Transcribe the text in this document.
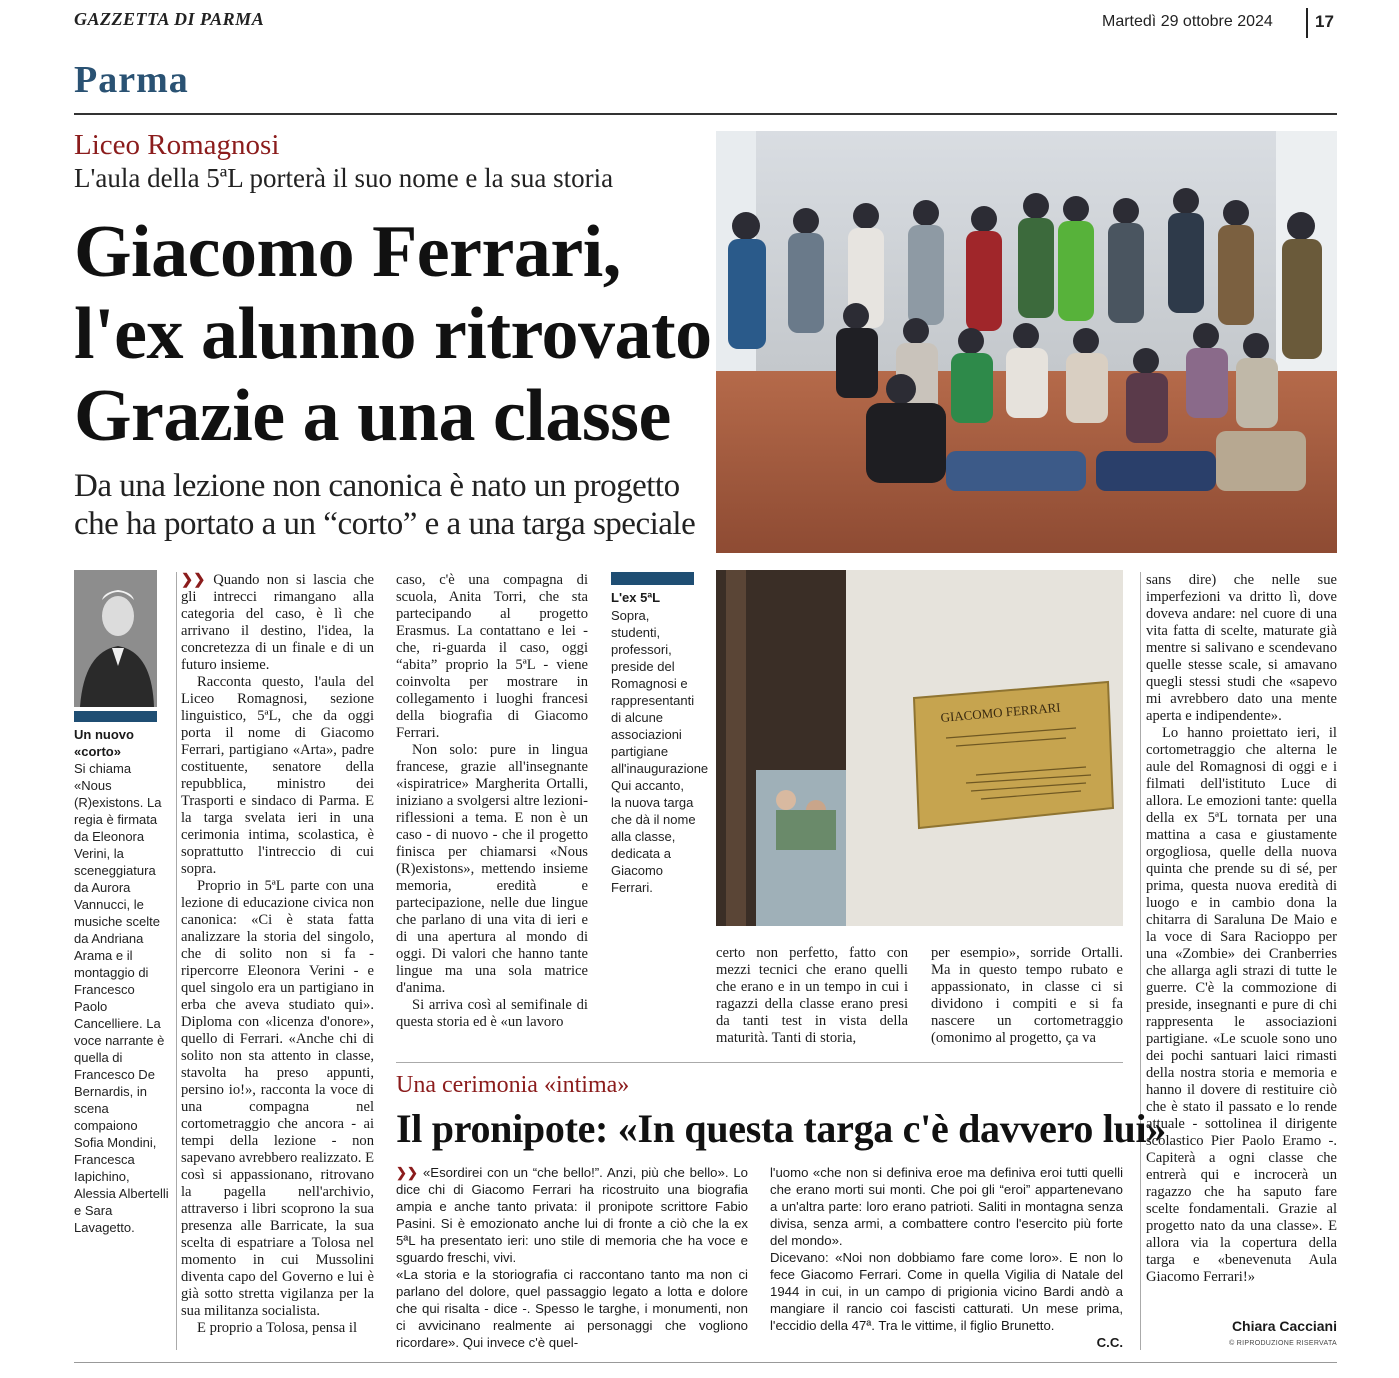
GAZZETTA DI PARMA	Martedì 29 ottobre 2024 17
Parma
Liceo Romagnosi
L'aula della 5ªL porterà il suo nome e la sua storia
Giacomo Ferrari,
l'ex alunno ritrovato
Grazie a una classe
Da una lezione non canonica è nato un progetto
che ha portato a un “corto” e a una targa speciale
Un nuovo «corto»
Si chiama «Nous (R)existons. La regia è firmata da Eleonora Verini, la sceneggiatura da Aurora Vannucci, le musiche scelte da Andriana Arama e il montaggio di Francesco Paolo Cancelliere. La voce narrante è quella di Francesco De Bernardis, in scena compaiono Sofia Mondini, Francesca Iapichino, Alessia Albertelli e Sara Lavagetto.

❯❯ Quando non si lascia che gli intrecci rimangano alla categoria del caso, è lì che arrivano il destino, l'idea, la concretezza di un finale e di un futuro insieme.

Racconta questo, l'aula del Liceo Romagnosi, sezione linguistico, 5ªL, che da oggi porta il nome di Giacomo Ferrari, partigiano «Arta», padre costituente, senatore della repubblica, ministro dei Trasporti e sindaco di Parma. E la targa svelata ieri in una cerimonia intima, scolastica, è soprattutto l'intreccio di cui sopra.

Proprio in 5ªL parte con una lezione di educazione civica non canonica: «Ci è stata fatta analizzare la storia del singolo, che di solito non si fa - ripercorre Eleonora Verini - e quel singolo era un partigiano in erba che aveva studiato qui». Diploma con «licenza d'onore», quello di Ferrari. «Anche chi di solito non sta attento in classe, stavolta ha preso appunti, persino io!», racconta la voce di una compagna nel cortometraggio che ancora - ai tempi della lezione - non sapevano avrebbero realizzato. E così si appassionano, ritrovano la pagella nell'archivio, attraverso i libri scoprono la sua presenza alle Barricate, la sua scelta di espatriare a Tolosa nel momento in cui Mussolini diventa capo del Governo e lui è già sotto stretta vigilanza per la sua militanza socialista.

E proprio a Tolosa, pensa il

caso, c'è una compagna di scuola, Anita Torri, che sta partecipando al progetto Erasmus. La contattano e lei - che, ri-guarda il caso, oggi “abita” proprio la 5ªL - viene coinvolta per mostrare in collegamento i luoghi francesi della biografia di Giacomo Ferrari.

Non solo: pure in lingua francese, grazie all'insegnante «ispiratrice» Margherita Ortalli, iniziano a svolgersi altre lezioni-riflessioni a tema. E non è un caso - di nuovo - che il progetto finisca per chiamarsi «Nous (R)existons», mettendo insieme memoria, eredità e partecipazione, nelle due lingue che parlano di una vita di ieri e di una apertura al mondo di oggi. Di valori che hanno tante lingue ma una sola matrice d'anima.

Si arriva così al semifinale di questa storia ed è «un lavoro

L'ex 5ªL
Sopra, studenti, professori, preside del Romagnosi e rappresentanti di alcune associazioni partigiane all'inaugurazione Qui accanto, la nuova targa che dà il nome alla classe, dedicata a Giacomo Ferrari.
GIACOMO FERRARI

certo non perfetto, fatto con mezzi tecnici che erano quelli che erano e in un tempo in cui i ragazzi della classe erano presi da tanti test in vista della maturità. Tanti di storia,

per esempio», sorride Ortalli. Ma in questo tempo rubato e appassionato, in classe ci si dividono i compiti e si fa nascere un cortometraggio (omonimo al progetto, ça va

sans dire) che nelle sue imperfezioni va dritto lì, dove doveva andare: nel cuore di una vita fatta di scelte, maturate già mentre si salivano e scendevano quelle stesse scale, si amavano quegli stessi studi che «sapevo mi avrebbero dato una mente aperta e indipendente».

Lo hanno proiettato ieri, il cortometraggio che alterna le aule del Romagnosi di oggi e i filmati dell'istituto Luce di allora. Le emozioni tante: quella della ex 5ªL tornata per una mattina a casa e giustamente orgogliosa, quelle della nuova quinta che prende su di sé, per prima, questa nuova eredità di luogo e in cambio dona la chitarra di Saraluna De Maio e la voce di Sara Raciopро per una «Zombie» dei Cranberries che allarga agli strazi di tutte le guerre. C'è la commozione di preside, insegnanti e pure di chi rappresenta le associazioni partigiane. «Le scuole sono uno dei pochi santuari laici rimasti della nostra storia e memoria e hanno il dovere di restituire ciò che è stato il passato e lo rende attuale - sottolinea il dirigente scolastico Pier Paolo Eramo -. Capiterà a ogni classe che entrerà qui e incrocerà un ragazzo che ha saputo fare scelte fondamentali. Grazie al progetto nato da una classe». E allora via la copertura della targa e «benevenuta Aula Giacomo Ferrari!»

Chiara Cacciani
© RIPRODUZIONE RISERVATA
Una cerimonia «intima»
Il pronipote: «In questa targa c'è davvero lui»

❯❯ «Esordirei con un “che bello!”. Anzi, più che bello». Lo dice chi di Giacomo Ferrari ha ricostruito una biografia ampia e anche tanto privata: il pronipote scrittore Fabio Pasini. Si è emozionato anche lui di fronte a ciò che la ex 5ªL ha presentato ieri: uno stile di memoria che ha voce e sguardo freschi, vivi.

«La storia e la storiografia ci raccontano tanto ma non ci parlano del dolore, quel passaggio legato a lotta e dolore che qui risalta - dice -. Spesso le targhe, i monumenti, non ci avvicinano realmente ai personaggi che vogliono ricordare». Qui invece c'è quel-

l'uomo «che non si definiva eroe ma definiva eroi tutti quelli che erano morti sui monti. Che poi gli “eroi” appartenevano a un'altra parte: loro erano patrioti. Saliti in montagna senza divisa, senza armi, a combattere contro l'esercito più forte del mondo».

Dicevano: «Noi non dobbiamo fare come loro». E non lo fece Giacomo Ferrari. Come in quella Vigilia di Natale del 1944 in cui, in un campo di prigionia vicino Bardi andò a mangiare il rancio coi fascisti catturati. Un mese prima, l'eccidio della 47ª. Tra le vittime, il figlio Brunetto.

C.C.
